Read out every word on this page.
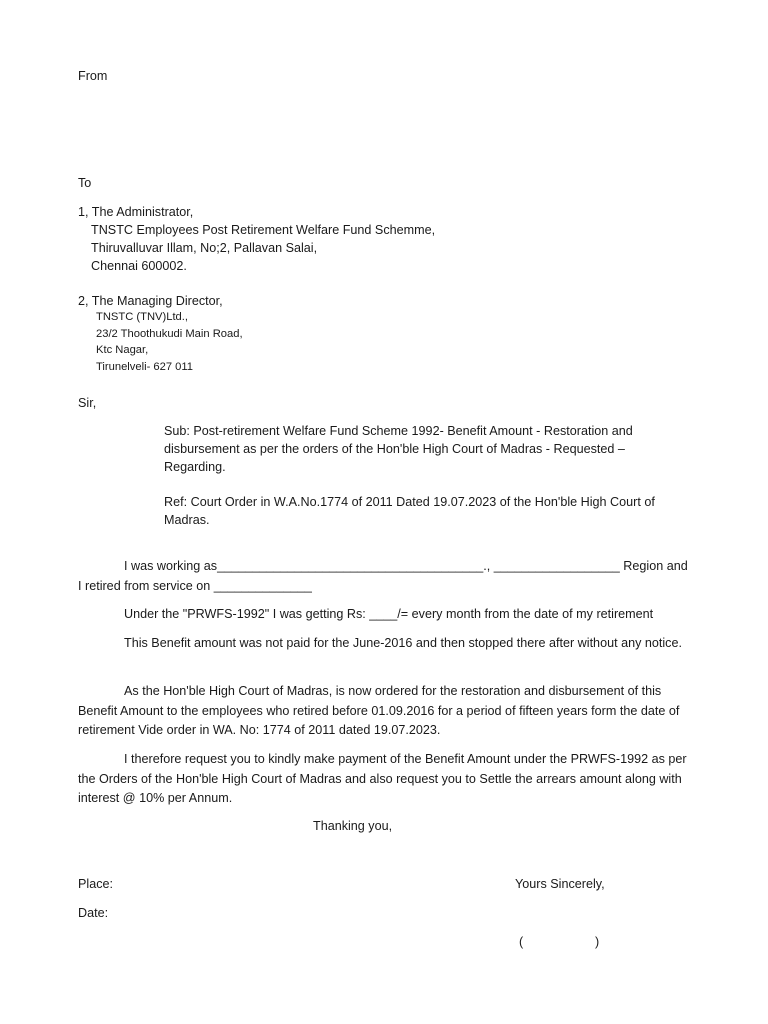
From
To
1, The Administrator,
TNSTC Employees Post Retirement Welfare Fund Schemme,
Thiruvalluvar Illam, No;2, Pallavan Salai,
Chennai 600002.
2, The Managing Director,
TNSTC (TNV)Ltd.,
23/2 Thoothukudi Main Road,
Ktc Nagar,
Tirunelveli- 627 011
Sir,
Sub: Post-retirement Welfare Fund Scheme 1992- Benefit Amount - Restoration and disbursement as per the orders of the Hon'ble High Court of Madras - Requested – Regarding.
Ref: Court Order in W.A.No.1774 of 2011 Dated 19.07.2023 of the Hon'ble High Court of Madras.
I was working as______________________________________., __________________ Region and I retired from service on ______________
Under the "PRWFS-1992" I was getting Rs: ____/= every month from the date of my retirement
This Benefit amount was not paid for the June-2016 and then stopped there after without any notice.
As the Hon'ble High Court of Madras, is now ordered for the restoration and disbursement of this Benefit Amount to the employees who retired before 01.09.2016 for a period of fifteen years form the date of retirement Vide order in WA. No: 1774 of 2011 dated 19.07.2023.
I therefore request you to kindly make payment of the Benefit Amount under the PRWFS-1992 as per the Orders of the Hon'ble High Court of Madras and also request you to Settle the arrears amount along with interest @ 10% per Annum.
Thanking you,
Place:	Yours Sincerely,
Date:
(	)
